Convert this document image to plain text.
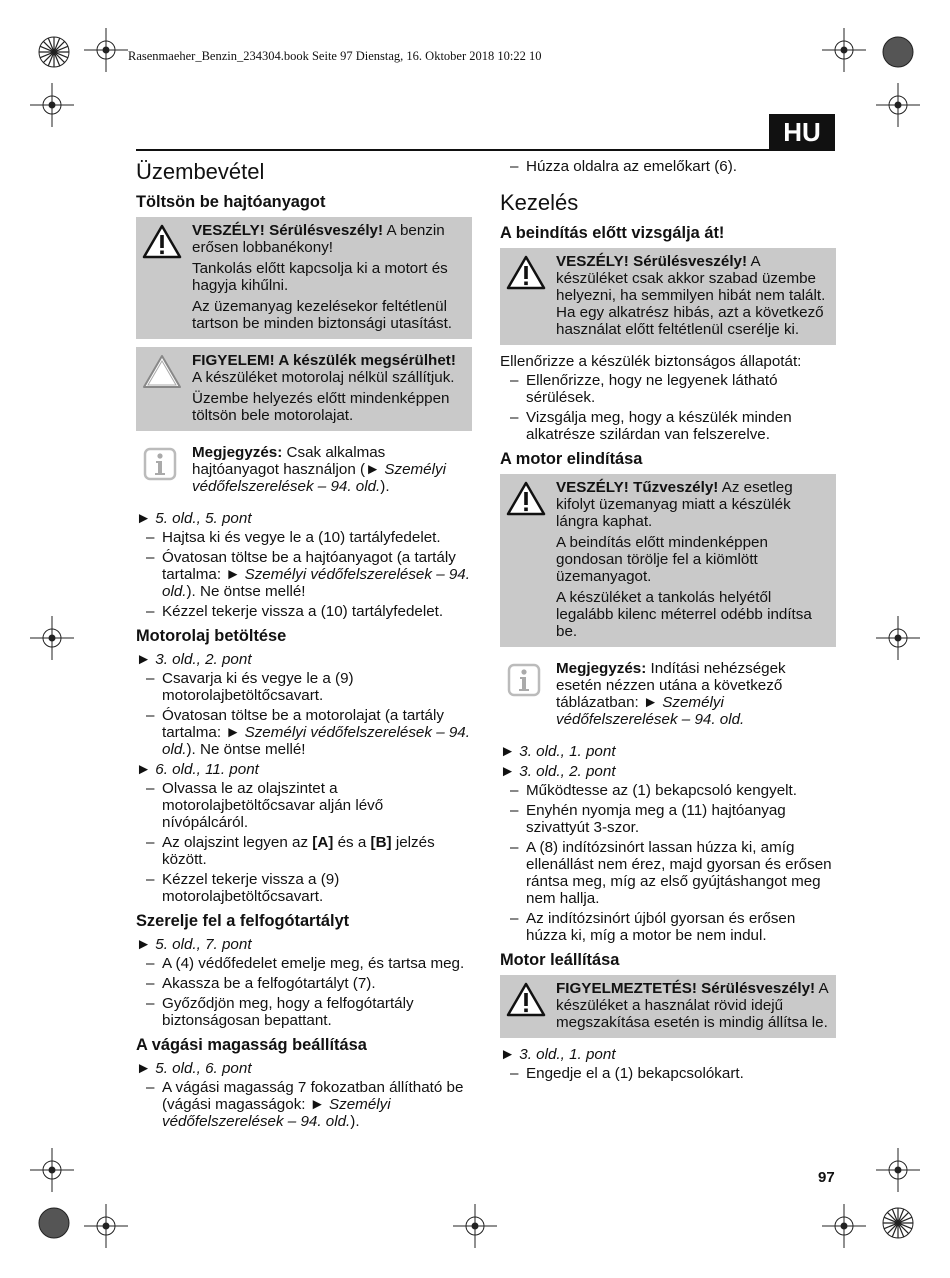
Rasenmaeher_Benzin_234304.book Seite 97 Dienstag, 16. Oktober 2018 10:22 10
HU
Üzembevétel
Töltsön be hajtóanyagot

VESZÉLY! Sérülésveszély! A benzin erősen lobbanékony!

Tankolás előtt kapcsolja ki a motort és hagyja kihűlni.

Az üzemanyag kezelésekor feltétlenül tartson be minden biztonsági utasítást.

FIGYELEM! A készülék megsérülhet! A készüléket motorolaj nélkül szállítjuk.

Üzembe helyezés előtt mindenképpen töltsön bele motorolajat.

Megjegyzés: Csak alkalmas hajtóanyagot használjon (► Személyi védőfelszerelések – 94. old.).

► 5. old., 5. pont

– Hajtsa ki és vegye le a (10) tartályfedelet.
– Óvatosan töltse be a hajtóanyagot (a tartály tartalma: ► Személyi védőfelszerelések – 94. old.). Ne öntse mellé!
– Kézzel tekerje vissza a (10) tartályfedelet.
Motorolaj betöltése

► 3. old., 2. pont

– Csavarja ki és vegye le a (9) motorolajbetöltőcsavart.
– Óvatosan töltse be a motorolajat (a tartály tartalma: ► Személyi védőfelszerelések – 94. old.). Ne öntse mellé!

► 6. old., 11. pont

– Olvassa le az olajszintet a motorolajbetöltőcsavar alján lévő nívópálcáról.
– Az olajszint legyen az [A] és a [B] jelzés között.
– Kézzel tekerje vissza a (9) motorolajbetöltőcsavart.
Szerelje fel a felfogótartályt

► 5. old., 7. pont

– A (4) védőfedelet emelje meg, és tartsa meg.
– Akassza be a felfogótartályt (7).
– Győződjön meg, hogy a felfogótartály biztonságosan bepattant.
A vágási magasság beállítása

► 5. old., 6. pont

– A vágási magasság 7 fokozatban állítható be (vágási magasságok: ► Személyi védőfelszerelések – 94. old.).
– Húzza oldalra az emelőkart (6).
Kezelés
A beindítás előtt vizsgálja át!

VESZÉLY! Sérülésveszély! A készüléket csak akkor szabad üzembe helyezni, ha semmilyen hibát nem talált. Ha egy alkatrész hibás, azt a következő használat előtt feltétlenül cserélje ki.

Ellenőrizze a készülék biztonságos állapotát:

– Ellenőrizze, hogy ne legyenek látható sérülések.
– Vizsgálja meg, hogy a készülék minden alkatrésze szilárdan van felszerelve.
A motor elindítása

VESZÉLY! Tűzveszély! Az esetleg kifolyt üzemanyag miatt a készülék lángra kaphat.

A beindítás előtt mindenképpen gondosan törölje fel a kiömlött üzemanyagot.

A készüléket a tankolás helyétől legalább kilenc méterrel odébb indítsa be.

Megjegyzés: Indítási nehézségek esetén nézzen utána a következő táblázatban: ► Személyi védőfelszerelések – 94. old.

► 3. old., 1. pont

► 3. old., 2. pont

– Működtesse az (1) bekapcsoló kengyelt.
– Enyhén nyomja meg a (11) hajtóanyag szivattyút 3-szor.
– A (8) indítózsinórt lassan húzza ki, amíg ellenállást nem érez, majd gyorsan és erősen rántsa meg, míg az első gyújtáshangot meg nem hallja.
– Az indítózsinórt újból gyorsan és erősen húzza ki, míg a motor be nem indul.
Motor leállítása

FIGYELMEZTETÉS! Sérülésveszély! A készüléket a használat rövid idejű megszakítása esetén is mindig állítsa le.

► 3. old., 1. pont

– Engedje el a (1) bekapcsolókart.
97
